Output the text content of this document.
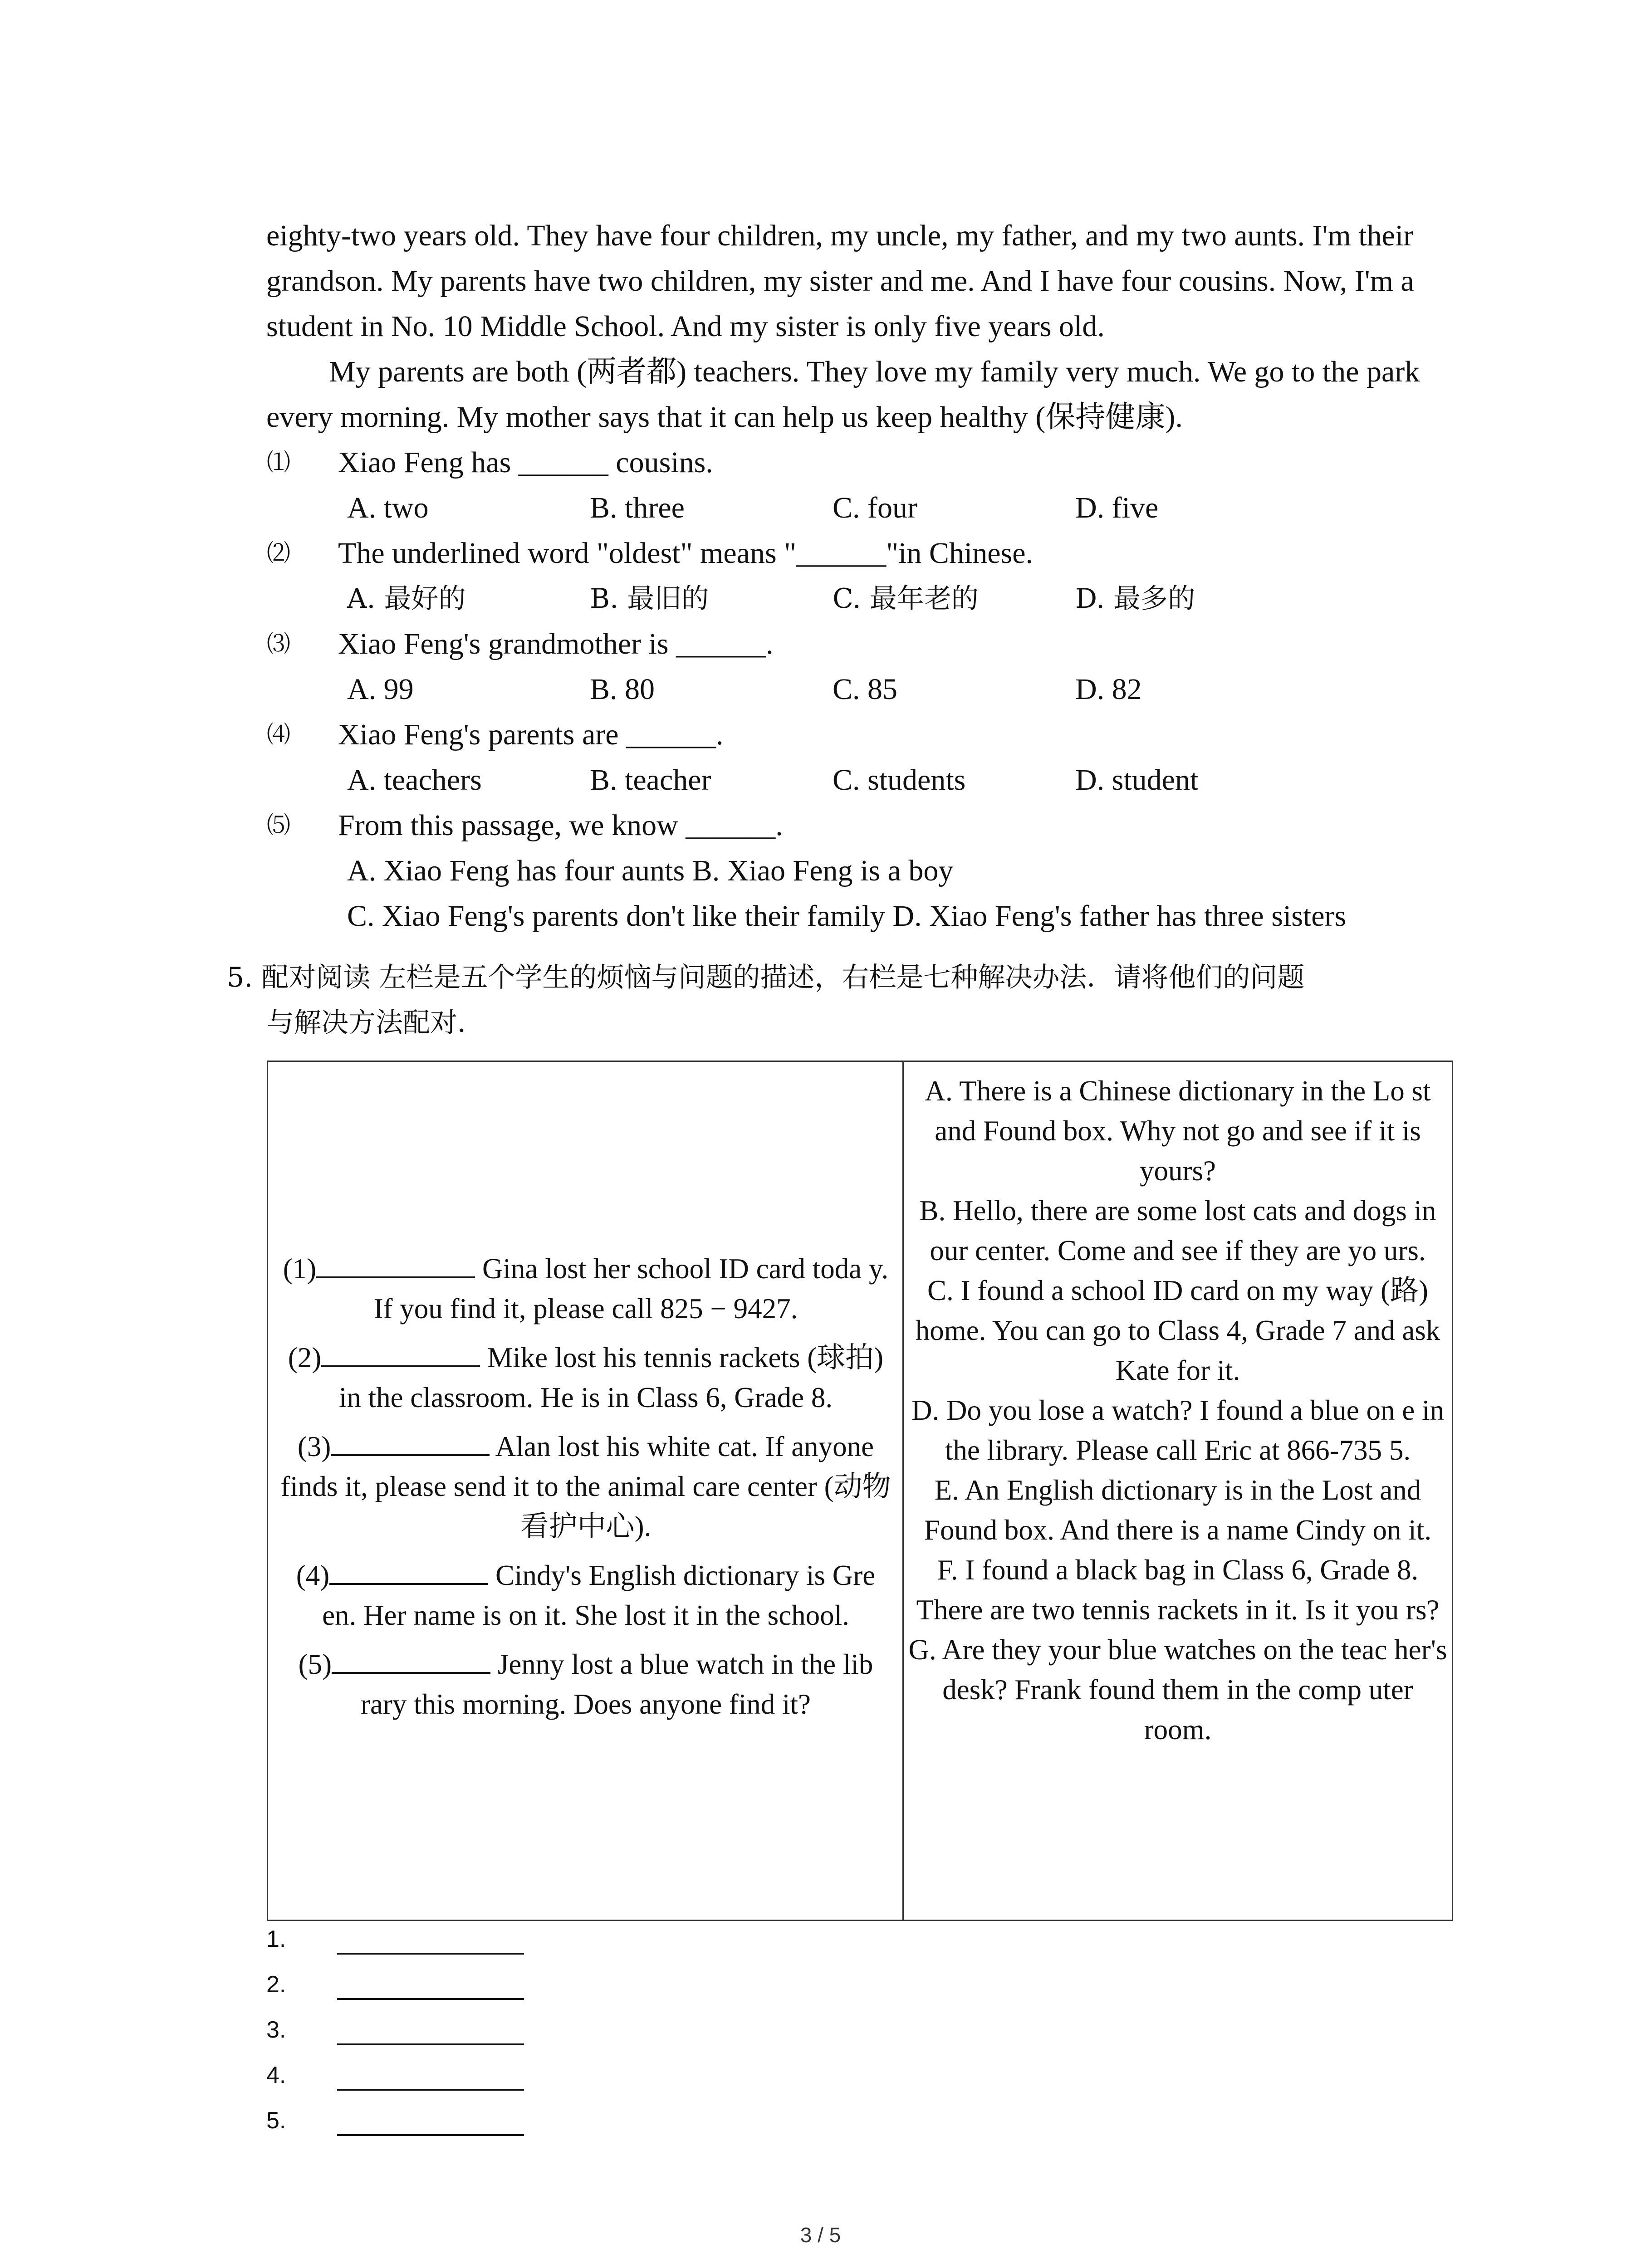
eighty-two years old. They have four children, my uncle, my father, and my two aunts. I'm their
grandson. My parents have two children, my sister and me. And I have four cousins. Now, I'm a
student in No. 10 Middle School. And my sister is only five years old.
My parents are both (两者都) teachers. They love my family very much. We go to the park
every morning. My mother says that it can help us keep healthy (保持健康).
⑴ Xiao Feng has ______ cousins.
A. two	B. three	C. four	D. five
⑵ The underlined word "oldest" means "______"in Chinese.
A. 最好的	B. 最旧的	C. 最年老的	D. 最多的
⑶ Xiao Feng's grandmother is ______.
A. 99	B. 80	C. 85	D. 82
⑷ Xiao Feng's parents are ______.
A. teachers	B. teacher	C. students	D. student
⑸ From this passage, we know ______.
A. Xiao Feng has four aunts B. Xiao Feng is a boy
C. Xiao Feng's parents don't like their family D. Xiao Feng's father has three sisters
5. 配对阅读 左栏是五个学生的烦恼与问题的描述，右栏是七种解决办法．请将他们的问题
与解决方法配对．
(1)	Gina lost her school ID card toda y. If you find it, please call 825 − 9427.
(2)	Mike lost his tennis rackets (球拍) in the classroom. He is in Class 6, Grade 8.
(3)	Alan lost his white cat. If anyone finds it, please send it to the animal care center (动物看护中心).
(4)	Cindy's English dictionary is Gre en. Her name is on it. She lost it in the school.
(5)	Jenny lost a blue watch in the lib rary this morning. Does anyone find it?
A. There is a Chinese dictionary in the Lo st and Found box. Why not go and see if it is yours?
B. Hello, there are some lost cats and dogs in our center. Come and see if they are yo urs.
C. I found a school ID card on my way (路) home. You can go to Class 4, Grade 7 and ask Kate for it.
D. Do you lose a watch? I found a blue on e in the library. Please call Eric at 866-735 5.
E. An English dictionary is in the Lost and Found box. And there is a name Cindy on it.
F. I found a black bag in Class 6, Grade 8. There are two tennis rackets in it. Is it you rs?
G. Are they your blue watches on the teac her's desk? Frank found them in the comp uter room.
1.
2.
3.
4.
5.
3 / 5
